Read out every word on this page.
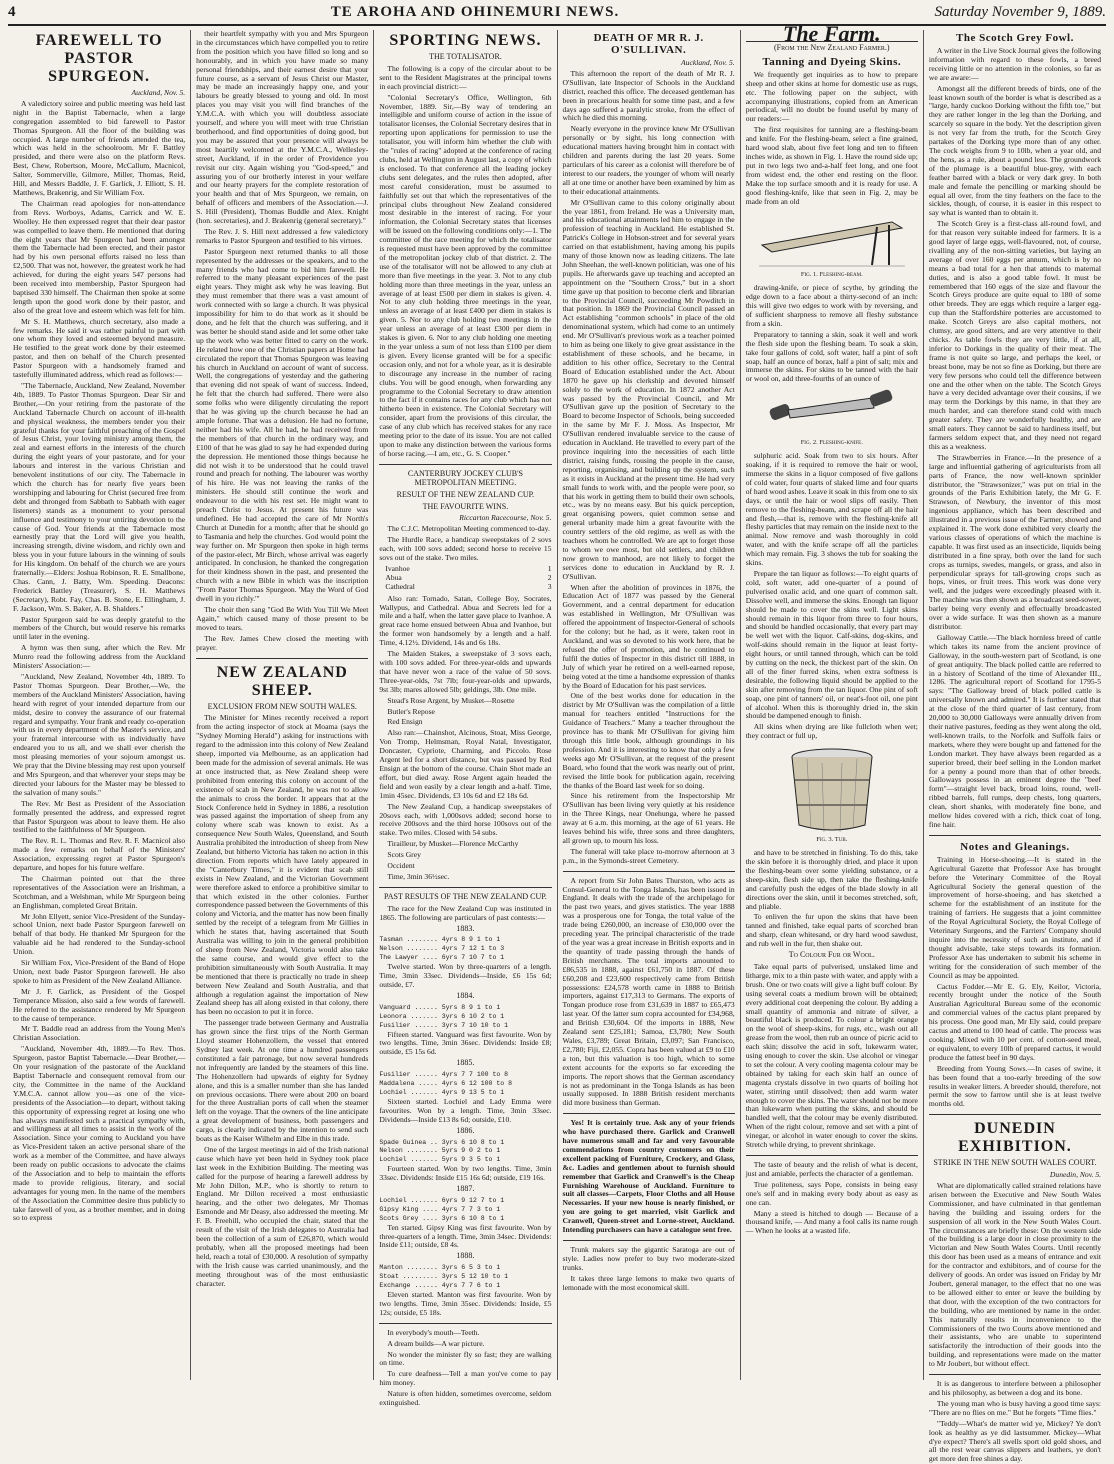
4	TE AROHA AND OHINEMURI NEWS.	Saturday November 9, 1889.
FAREWELL TO PASTOR SPURGEON.
Auckland, Nov. 5.

A valedictory soiree and public meeting was held last night in the Baptist Tabernacle, when a large congregation assembled to bid farewell to Pastor Thomas Spurgeon. All the floor of the building was occupied. A large number of friends attended the tea, which was held in the schoolroom. Mr F. Battley presided, and there were also on the platform Revs. Best, Chew, Robertson, Moore, McCallum, Macnicol, Salter, Sommerville, Gilmore, Miller, Thomas, Reid, Hill, and Messrs Baddle, J. F. Garlick, J. Elliott, S. H. Matthews, Brakenrig, and Sir William Fox.

The Chairman read apologies for non-attendance from Revs. Worboys, Adams, Carrick and W. E. Woolley. He then expressed regret that their dear pastor was compelled to leave them. He mentioned that during the eight years that Mr Spurgeon had been amongst them the Tabernacle had been erected, and their pastor had by his own personal efforts raised no less than £2,500. That was not, however, the greatest work he had achieved, for during the eight years 547 persons had been received into membership, Pastor Spurgeon had baptised 330 himself. The Chairman then spoke at some length upon the good work done by their pastor, and also of the great love and esteem which was felt for him.

Mr S. H. Matthews, church secretary, also made a few remarks. He said it was rather painful to part with one whom they loved and esteemed beyond measure. He testified to the great work done by their esteemed pastor, and then on behalf of the Church presented Pastor Spurgeon with a handsomely framed and tastefully illuminated address, which read as follows:—

"The Tabernacle, Auckland, New Zealand, November 4th, 1889. To Pastor Thomas Spurgeon. Dear Sir and Brother,—On your retiring from the pastorate of the Auckland Tabernacle Church on account of ill-health and physical weakness, the members tender you their grateful thanks for your faithful preaching of the Gospel of Jesus Christ, your loving ministry among them, the zeal and earnest efforts in the interests of the church during the eight years of your pastorate, and for your labours and interest in the various Christian and benevolent institutions of our city. The Tabernacle in which the church has for nearly five years been worshipping and labouring for Christ (secured free from debt and thronged from Sabbath to Sabbath with eager listeners) stands as a monument to your personal influence and testimony to your untiring devotion to the cause of God. Your friends at the Tabernacle most earnestly pray that the Lord will give you health, increasing strength, divine wisdom, and richly own and bless you in your future labours in the winning of souls for His kingdom. On behalf of the church we are yours fraternally.—Elders: Joshua Robinson, R. E. Smallbone, Chas. Cann, J. Batty, Wm. Speeding. Deacons: Frederick Battley (Treasurer), S. H. Matthews (Secretary), Robt. Fay, Chas. B. Stone, E. Ellingham, J. F. Jackson, Wm. S. Baker, A. B. Shalders."

Pastor Spurgeon said he was deeply grateful to the members of the Church, but would reserve his remarks until later in the evening.

A hymn was then sung, after which the Rev. Mr Munro read the following address from the Auckland Ministers' Association:—

"Auckland, New Zealand, November 4th, 1889. To Pastor Thomas Spurgeon. Dear Brother,—We, the members of the Auckland Ministers' Association, having heard with regret of your intended departure from our midst, desire to convey the assurance of our fraternal regard and sympathy. Your frank and ready co-operation with us in every department of the Master's service, and your fraternal intercourse with us individually have endeared you to us all, and we shall ever cherish the most pleasing memories of your sojourn amongst us. We pray that the Divine blessing may rest upon yourself and Mrs Spurgeon, and that wherever your steps may be directed your labours for the Master may be blessed to the salvation of many souls."

The Rev. Mr Best as President of the Association formally presented the address, and expressed regret that Pastor Spurgeon was about to leave them. He also testified to the faithfulness of Mr Spurgeon.

The Rev. R. L. Thomas and Rev. R. F. Macnicol also made a few remarks on behalf of the Ministers' Association, expressing regret at Pastor Spurgeon's departure, and hopes for his future welfare.

The Chairman pointed out that the three representatives of the Association were an Irishman, a Scotchman, and a Welshman, while Mr Spurgeon being an Englishman, completed Great Britain.

Mr John Ellyett, senior Vice-President of the Sunday-school Union, next bade Pastor Spurgeon farewell on behalf of that body. He thanked Mr Spurgeon for the valuable aid he had rendered to the Sunday-school Union.

Sir William Fox, Vice-President of the Band of Hope Union, next bade Pastor Spurgeon farewell. He also spoke to him as President of the New Zealand Alliance.

Mr J. F. Garlick, as President of the Gospel Temperance Mission, also said a few words of farewell. He referred to the assistance rendered by Mr Spurgeon to the cause of temperance.

Mr T. Baddle read an address from the Young Men's Christian Association.

"Auckland, November 4th, 1889.—To Rev. Thos. Spurgeon, pastor Baptist Tabernacle.—Dear Brother,—On your resignation of the pastorate of the Auckland Baptist Tabernacle and consequent removal from our city, the Committee in the name of the Auckland Y.M.C.A. cannot allow you—as one of the vice-presidents of the Association—to depart, without taking this opportunity of expressing regret at losing one who has always manifested such a practical sympathy with, and willingness at all times to assist in the work of the Association. Since your coming to Auckland you have as Vice-President taken an active personal share of the work as a member of the Committee, and have always been ready on public occasions to advocate the claims of the Association and to help to maintain the efforts made to provide religious, literary, and social advantages for young men. In the name of the members of the Association the Committee desire thus publicly to take farewell of you, as a brother member, and in doing so to express

their heartfelt sympathy with you and Mrs Spurgeon in the circumstances which have compelled you to retire from the position which you have filled so long and so honourably, and in which you have made so many personal friendships, and their earnest desire that your future course, as a servant of Jesus Christ our Master, may be made an increasingly happy one, and your labours be greatly blessed to young and old. In most places you may visit you will find branches of the Y.M.C.A. with which you will doubtless associate yourself, and where you will meet with true Christian brotherhood, and find opportunities of doing good, but you may be assured that your presence will always be most heartily welcomed at the Y.M.C.A., Wellesley-street, Auckland, if in the order of Providence you revisit our city. Again wishing you "God-speed," and assuring you of our brotherly interest in your welfare and our hearty prayers for the complete restoration of your health and that of Mrs Spurgeon, we remain, on behalf of officers and members of the Association.—J. S. Hill (President), Thomas Buddle and Alex. Knight (hon. secretaries), and J. Brakenrig (general secretary)."

The Rev. J. S. Hill next addressed a few valedictory remarks to Pastor Spurgeon and testified to his virtues.

Pastor Spurgeon next returned thanks to all those represented by the addresses or the speakers, and to the many friends who had come to bid him farewell. He referred to the many pleasant experiences of the past eight years. They might ask why he was leaving. But they must remember that there was a vast amount of work connected with so large a church. It was physical impossibility for him to do that work as it should be done, and he felt that the church was suffering, and it was better he should stand aside and let some other take up the work who was better fitted to carry on the work. He related how one of the Christian papers at Home had circulated the report that Thomas Spurgeon was leaving his church in Auckland on account of want of success. Well, the congregations of yesterday and the gathering that evening did not speak of want of success. Indeed, he felt that the church had suffered. There were also some folks who were diligently circulating the report that he was giving up the church because he had an ample fortune. That was a delusion. He had no fortune, neither had his wife. All he had, he had received from the members of that church in the ordinary way, and £100 of that he was glad to say he had expended during the depression. He mentioned those things because he did not wish it to be understood that he could travel round and preach for nothing. The labourer was worthy of his hire. He was not leaving the ranks of the ministers. He should still continue the work and endeavour to die with his rest set. He might want to preach Christ to Jesus. At present his future was undefined. He had accepted the care of Mr North's Church at Dunedin for a month; after that he should go to Tasmania and help the churches. God would point the way further on. Mr Spurgeon then spoke in high terms of the pastor-elect, Mr Birch, whose arrival was eagerly anticipated. In conclusion, he thanked the congregation for their kindness shown in the past, and presented the church with a new Bible in which was the inscription "From Pastor Thomas Spurgeon. 'May the Word of God dwell in you richly.'"

The choir then sang "God Be With You Till We Meet Again," which caused many of those present to be moved to tears.

The Rev. James Chew closed the meeting with prayer.

NEW ZEALAND SHEEP.
EXCLUSION FROM NEW SOUTH WALES.

The Minister for Mines recently received a report from the acting inspector of stock at Moama (says the "Sydney Morning Herald") asking for instructions with regard to the admission into this colony of New Zealand sheep, imported via Melbourne, as an application had been made for the admission of several animals. He was at once instructed that, as New Zealand sheep were prohibited from entering this colony on account of the existence of scab in New Zealand, he was not to allow the animals to cross the border. It appears that at the Stock Conference held in Sydney in 1886, a resolution was passed against the importation of sheep from any colony where scab was known to exist. As a consequence New South Wales, Queensland, and South Australia prohibited the introduction of sheep from New Zealand, but hitherto Victoria has taken no action in this direction. From reports which have lately appeared in the "Canterbury Times," it is evident that scab still exists in New Zealand, and the Victorian Government were therefore asked to enforce a prohibitive similar to that which existed in the other colonies. Further correspondence passed between the Governments of this colony and Victoria, and the matter has now been finally settled by the receipt of a telegram from Mr Gillies in which he states that, having ascertained that South Australia was willing to join in the general prohibition of sheep from New Zealand, Victoria would also take the same course, and would give effect to the prohibition simultaneously with South Australia. It may be mentioned that there is practically no trade in sheep between New Zealand and South Australia, and that although a regulation against the importation of New Zealand sheep has all along existed in that colony, there has been no occasion to put it in force.

The passenger trade between Germany and Australia has grown since the first trips of the North German Lloyd steamer Hohenzollern, the vessel that entered Sydney last week. At one time a hundred passengers constituted a fair patronage, but now several hundreds not infrequently are landed by the steamers of this line. The Hohenzollern had upwards of eighty for Sydney alone, and this is a smaller number than she has landed on previous occasions. There were about 200 on board for the three Australian ports of call when the steamer left on the voyage. That the owners of the line anticipate a great development of business, both passengers and cargo, is clearly indicated by the intention to send such boats as the Kaiser Wilhelm and Elbe in this trade.

One of the largest meetings in aid of the Irish national cause which have yet been held in Sydney took place last week in the Exhibition Building. The meeting was called for the purpose of hearing a farewell address by Mr John Dillon, M.P., who is shortly to return to England. Mr Dillon received a most enthusiastic hearing, and the other two delegates, Mr Thomas Esmonde and Mr Deasy, also addressed the meeting. Mr F. B. Freehill, who occupied the chair, stated that the result of the visit of the Irish delegates to Australia had been the collection of a sum of £26,870, which would probably, when all the proposed meetings had been held, reach a total of £30,000. A resolution of sympathy with the Irish cause was carried unanimously, and the meeting throughout was of the most enthusiastic character.

SPORTING NEWS.
THE TOTALISATOR.

The following is a copy of the circular about to be sent to the Resident Magistrates at the principal towns in each provincial district:—

"Colonial Secretary's Office, Wellington, 6th November, 1889. Sir,—By way of tendering an intelligible and uniform course of action in the issue of totalisator licenses, the Colonial Secretary desires that in reporting upon applications for permission to use the totalisator, you will inform him whether the club with the "rules of racing" adopted at the conference of racing clubs, held at Wellington in August last, a copy of which is enclosed. To that conference all the leading jockey clubs sent delegates, and the rules then adopted, after most careful consideration, must be assumed to faithfully set out that which the representatives of the principal clubs throughout New Zealand considered most desirable in the interest of racing. For your information, the Colonial Secretary states that licenses will be issued on the following conditions only:—1. The committee of the race meeting for which the totalisator is requested must have been approved by the committee of the metropolitan jockey club of that district. 2. The use of the totalisator will not be allowed to any club at more than five meetings in the year. 3. Not to any club holding more than three meetings in the year, unless an average of at least £500 per diem in stakes is given. 4. Not to any club holding three meetings in the year, unless an average of at least £400 per diem in stakes is given. 5. Nor to any club holding two meetings in the year unless an average of at least £300 per diem in stakes is given. 6. Nor to any club holding one meeting in the year unless a sum of not less than £100 per diem is given. Every license granted will be for a specific occasion only, and not for a whole year, as it is desirable to discourage any increase in the number of racing clubs. You will be good enough, when forwarding any programme to the Colonial Secretary to draw attention to the fact if it contains races for any club which has not hitherto been in existence. The Colonial Secretary will consider, apart from the provisions of this circular, the case of any club which has received stakes for any race meeting prior to the date of its issue. You are not called upon to make any distinction between the various forms of horse racing.—I am, etc., G. S. Cooper."

CANTERBURY JOCKEY CLUB'S METROPOLITAN MEETING.
RESULT OF THE NEW ZEALAND CUP.
THE FAVOURITE WINS.
Riccarton Racecourse, Nov. 5.

The C.J.C. Metropolitan Meeting commenced to-day.

The Hurdle Race, a handicap sweepstakes of 2 sovs each, with 100 sovs added; second horse to receive 15 sovs out of the stake. Two miles.

Ivanhoe	1
Abua	2
Cathedral	3

Also ran: Tornado, Satan, College Boy, Socrates, Wallypus, and Cathedral. Abua and Secrets led for a mile and a half, when the latter gave place to Ivanhoe. A great race home ensued between Abua and Ivanhoe, but the former won handsomely by a length and a half. Time, 4.12½. Dividend, 14s and 6s 18s.

The Maiden Stakes, a sweepstake of 3 sovs each, with 100 sovs added. For three-year-olds and upwards that have never won a race of the value of 50 sovs. Three-year-olds, 7st 7lb; four-year-olds and upwards, 9st 3lb; mares allowed 5lb; geldings, 3lb. One mile.

Stead's Rose Argent, by Musket—Rosette

Butler's Repose

Red Ensign

Also ran:—Chainshot, Alcinous, Stoat, Miss George, Von Tromp, Helmsman, Royal Natal, Investigator, Doncaster, Cypriote, Charming, and Piccolo. Rose Argent led for a short distance, but was passed by Red Ensign at the bottom of the course. Chain Shot made an effort, but died away. Rose Argent again headed the field and won easily by a clear length and a-half. Time, 1min 45sec. Dividends, £3 10s 6d and £2 18s 6d.

The New Zealand Cup, a handicap sweepstakes of 20sovs each, with 1,000sovs added; second horse to receive 200sovs and the third horse 100sovs out of the stake. Two miles. Closed with 54 subs.

Tirailleur, by Musket—Florence McCarthy

Scots Grey

Occident

Time, 3min 36½sec.

PAST RESULTS OF THE NEW ZEALAND CUP.

The race for the New Zealand Cup was instituted in 1865. The following are particulars of past contests:—

1883.
Tasman ........ 4yrs 8 9 1 to 1
Nelson ........ 4yrs 7 12 1 to 3
The Lawyer .... 6yrs 7 10 7 to 1

Twelve started. Won by three-quarters of a length. Time, 3min 33sec. Dividends—Inside, £6 15s 6d; outside, £7.

1884.
Vanguard ...... 5yrs 8 9 1 to 1
Leonora ....... 3yrs 6 10 2 to 1
Fusilier ...... 3yrs 7 10 10 to 1

Fifteen started. Vanguard was first favourite. Won by two lengths. Time, 3min 36sec. Dividends: Inside £8; outside, £5 15s 6d.

1885.
Fusilier ...... 4yrs 7 7 100 to 8
Maddalena ..... 4yrs 6 12 100 to 8
Lochiel ....... 4yrs 9 13 5 to 1

Sixteen started. Lochiel and Lady Emma were favourites. Won by a length. Time, 3min 33sec. Dividends—Inside £13 8s 6d; outside, £10.

1886.
Spade Guinea .. 3yrs 6 10 8 to 1
Nelson ........ 5yrs 9 0 2 to 1
Lochiel ....... 5yrs 9 3 5 to 1

Fourteen started. Won by two lengths. Time, 3min 33sec. Dividends: Inside £15 16s 6d; outside, £19 16s.

1887.
Lochiel ....... 6yrs 9 12 7 to 1
Gipsy King .... 4yrs 7 7 3 to 1
Scots Grey .... 3yrs 6 10 8 to 1

Ten started. Gipsy King was first favourite. Won by three-quarters of a length. Time, 3min 34sec. Dividends: Inside £11; outside, £8 4s.

1888.
Manton ........ 3yrs 6 5 3 to 1
Stoat ......... 3yrs 5 12 10 to 1
Exchange ...... 4yrs 7 7 6 to 1

Eleven started. Manton was first favourite. Won by two lengths. Time, 3min 35sec. Dividends: Inside, £5 12s; outside, £5 18s.

In everybody's mouth—Teeth.

A dream builds—A war picture.

No wonder the minister fly so fast; they are walking on time.

To cure deafness—Tell a man you've come to pay him money.

Nature is often hidden, sometimes overcome, seldom extinguished.

DEATH OF MR R. J. O'SULLIVAN.
Auckland, Nov. 5.

This afternoon the report of the death of Mr R. J. O'Sullivan, late Inspector of Schools in the Auckland district, reached this office. The deceased gentleman has been in precarious health for some time past, and a few days ago suffered a paralytic stroke, from the effect of which he died this morning.

Nearly everyone in the province knew Mr O'Sullivan personally or by sight, his long connection with educational matters having brought him in contact with children and parents during the last 20 years. Some particulars of his career as a colonist will therefore be of interest to our readers, the younger of whom will nearly all at one time or another have been examined by him as to their educational attainments.

Mr O'Sullivan came to this colony originally about the year 1861, from Ireland. He was a University man, and his educational attainments led him to engage in the profession of teaching in Auckland. He established St. Patrick's College in Hobson-street and for several years carried on that establishment, having among his pupils many of those known now as leading citizens. The late John Sheehan, the well-known politician, was one of his pupils. He afterwards gave up teaching and accepted an appointment on the "Southern Cross," but in a short time gave up that position to become clerk and librarian to the Provincial Council, succeeding Mr Powditch in that position. In 1869 the Provincial Council passed an Act establishing "common schools" in place of the old denominational system, which had come to an untimely end. Mr O'Sullivan's previous work as a teacher pointed to him as being one likely to give great assistance in the establishment of these schools, and he became, in addition to his other office, Secretary to the Central Board of Education established under the Act. About 1870 he gave up his clerkship and devoted himself solely to the work of education. In 1872 another Act was passed by the Provincial Council, and Mr O'Sullivan gave up the position of Secretary to the Board to become Inspector of Schools, being succeeded in the same by Mr F. J. Moss. As Inspector, Mr O'Sullivan rendered invaluable service to the cause of education in Auckland. He travelled to every part of the province inquiring into the necessities of each little district, raising funds, rousing the people in the cause, reporting, organising, and building up the system, such as it exists in Auckland at the present time. He had very small funds to work with, and the people were poor, so that his work in getting them to build their own schools, etc., was by no means easy. But his quick perception, great organising powers, quiet common sense and general urbanity made him a great favourite with the country settlers of the old regime, as well as with the teachers whom he controlled. We are apt to forget those to whom we owe most, but old settlers, and children now grown to manhood, are not likely to forget the services done to education in Auckland by R. J. O'Sullivan.

When after the abolition of provinces in 1876, the Education Act of 1877 was passed by the General Government, and a central department for education was established in Wellington, Mr O'Sullivan was offered the appointment of Inspector-General of schools for the colony; but he had, as it were, taken root in Auckland, and was so devoted to his work here, that he refused the offer of promotion, and he continued to fulfil the duties of Inspector in this district till 1888, in July of which year he retired on a well-earned repose, being voted at the time a handsome expression of thanks by the Board of Education for his past services.

One of the best works done for education in the district by Mr O'Sullivan was the compilation of a little manual for teachers entitled "Instructions for the Guidance of Teachers." Many a teacher throughout the province has to thank Mr O'Sullivan for giving him through this little book, although groundings in his profession. And it is interesting to know that only a few weeks ago Mr O'Sullivan, at the request of the present Board, who found that the work was nearly out of print, revised the little book for publication again, receiving the thanks of the Board last week for so doing.

Since his retirement from the Inspectorship Mr O'Sullivan has been living very quietly at his residence in the Three Kings, near Onehunga, where he passed away at 6 a.m. this morning, at the age of 61 years. He leaves behind his wife, three sons and three daughters, all grown up, to mourn his loss.

The funeral will take place to-morrow afternoon at 3 p.m., in the Symonds-street Cemetery.

A report from Sir John Bates Thurston, who acts as Consul-General to the Tonga Islands, has been issued in England. It deals with the trade of the archipelago for the past two years, and gives statistics. The year 1888 was a prosperous one for Tonga, the total value of the trade being £260,000, an increase of £30,000 over the preceding year. The principal characteristic of the trade of the year was a great increase in British exports and in the quantity of trade passing through the hands of British merchants. The total imports amounted to £86,535 in 1888, against £61,750 in 1887. Of these £60,208 and £23,600 respectively came from British possessions: £24,578 worth came in 1888 to British importers, against £17,313 to Germans. The exports of Tongan produce rose from £31,639 in 1887 to £65,473 last year. Of the latter sum copra accounted for £34,968, and British £30,604. Of the imports in 1888, New Zealand sent £25,181; Samoa, £3,780; New South Wales, £3,789; Great Britain, £3,097; San Francisco, £2,780; Fiji, £2,055. Copra has been valued at £9 to £10 a ton, but this valuation is too high, which to some extent accounts for the exports so far exceeding the imports. The report shows that the German ascendancy is not as predominant in the Tonga Islands as has been usually supposed. In 1888 British resident merchants did more business than German.

Yes! It is certainly true. Ask any of your friends who have purchased there. Garlick and Cranwell have numerous small and far and very favourable commendations from country customers on their excellent packing of Furniture, Crockery, and Glass, &c. Ladies and gentlemen about to furnish should remember that Garlick and Cranwell's is the Cheap Furnishing Warehouse of Auckland. Furniture to suit all classes—Carpets, Floor Cloths and all House Necessaries. If your new house is nearly finished, or you are going to get married, visit Garlick and Cranwell, Queen-street and Lorne-street, Auckland. Intending purchasers can have a catalogue sent free.

Trunk makers say the gigantic Saratoga are out of style. Ladies now prefer to buy two moderate-sized trunks.

It takes three large lemons to make two quarts of lemonade with the most economical skill.

The Farm.
(From the New Zealand Farmer.)
Tanning and Dyeing Skins.

We frequently get inquiries as to how to prepare sheep and other skins at home for domestic use as rugs, etc. The following paper on the subject, with accompanying illustrations, copied from an American periodical, will no doubt be found useful by many of our readers:—

The first requisites for tanning are a fleshing-beam and knife. For the fleshing-beam, select a fine grained, hard wood slab, about five feet long and ten to fifteen inches wide, as shown in Fig. 1. Have the round side up; put in two legs two and-a-half feet long, and one foot from widest end, the other end resting on the floor. Make the top surface smooth and it is ready for use. A good fleshing-knife, like that seen in Fig. 2, may be made from an old

Fig. 1. Fleshing-beam.

drawing-knife, or piece of scythe, by grinding the edge down to a face about a thirty-second of an inch: this will give two edges to work with by reversing, and of sufficient sharpness to remove all fleshy substance from a skin.

Preparatory to tanning a skin, soak it well and work the flesh side upon the fleshing beam. To soak a skin, take four gallons of cold, soft water, half a pint of soft soap, half an ounce of borax, half a pint of salt; mix and immerse the skins. For skins to be tanned with the hair or wool on, add three-fourths of an ounce of

Fig. 2. Fleshing-knife.

sulphuric acid. Soak from two to six hours. After soaking, if it is required to remove the hair or wool, immerse the skins in a liquor composed of five gallons of cold water, four quarts of slaked lime and four quarts of hard wood ashes. Leave it soak in this from one to six days, or until the hair or wool slips off easily. Then remove to the fleshing-beam, and scrape off all the hair and flesh,—that is, remove with the fleshing-knife all fleshy particles that may remain on the inside next to the animal. Now remove and wash thoroughly in cold water, and with the knife scrape off all the particles which may remain. Fig. 3 shows the tub for soaking the skins.

Prepare the tan liquor as follows:—To eight quarts of cold, soft water, add one-quarter of a pound of pulverised oxalic acid, and one quart of common salt. Dissolve well, and immerse the skins. Enough tan liquor should be made to cover the skins well. Light skins should remain in this liquor from three to four hours, and should be handled occasionally, that every part may be well wet with the liquor. Calf-skins, dog-skins, and wolf-skins should remain in the liquor at least forty-eight hours, or until tanned through, which can be told by cutting on the neck, the thickest part of the skin. On all of the finer furred skins, when extra softness is desirable, the following liquid should be applied to the skin after removing from the tan liquor. One pint of soft soap, one pint of tanners' oil, or neat's-foot oil, one pint of alcohol. When this is thoroughly dried in, the skin should be dampened enough to finish.

All skins when drying are like fullcloth when wet; they contract or full up,

Fig. 3. Tub.

and have to be stretched in finishing. To do this, take the skin before it is thoroughly dried, and place it upon the fleshing-beam over some yielding substance, or a sheep-skin, flesh side up, then take the fleshing-knife and carefully push the edges of the blade slowly in all directions over the skin, until it becomes stretched, soft, and pliable.

To enliven the fur upon the skins that have been tanned and finished, take equal parts of scorched bran and sharp, clean whitesand, or dry hard wood sawdust, and rub well in the fur, then shake out.

To Colour Fur or Wool.

Take equal parts of pulverised, unslaked lime and litharge, mix to a thin paste with water, and apply with a brush. One or two coats will give a light buff colour. By using several coats a medium brown will be obtained; every additional coat deepening the colour. By adding a small quantity of ammonia and nitrate of silver, a beautiful black is produced. To colour a bright orange on the wool of sheep-skins, for rugs, etc., wash out all grease from the wool, then rub an ounce of picric acid to each skin; dissolve the acid in soft, lukewarm water, using enough to cover the skin. Use alcohol or vinegar to set the colour. A very cooling magenta colour may be obtained by taking for each skin half an ounce of magenta crystals dissolve in two quarts of boiling hot water, stirring until dissolved; then add warm water enough to cover the skins. The water should not be more than lukewarm when putting the skins, and should be handled well, that the colour may be evenly distributed. When of the right colour, remove and set with a pint of vinegar, or alcohol in water enough to cover the skins. Stretch while drying, to prevent shrinkage.

The taste of beauty and the relish of what is decent, just and amiable, perfects the character of a gentleman.

True politeness, says Pope, consists in being easy one's self and in making every body about as easy as one can.

Many a steed is hitched to dough — Because of a thousand knife, — And many a fool calls its name rough — When he looks at a wasted life.

The Scotch Grey Fowl.

A writer in the Live Stock Journal gives the following information with regard to these fowls, a breed receiving little or no attention in the colonies, so far as we are aware:—

Amongst all the different breeds of birds, one of the least known south of the border is what is described as a "large, hardy cuckoo Dorking without the fifth toe," but they are rather longer in the leg than the Dorking, and scarcely so square in the body. Yet the description given is not very far from the truth, for the Scotch Grey partakes of the Dorking type more than of any other. The cock weighs from 9 to 10lb, when a year old, and the hens, as a rule, about a pound less. The groundwork of the plumage is a beautiful blue-grey, with each feather barred with a black or very dark grey. In both male and female the pencilling or marking should be equal all over, from the tiny feathers on the face to the sickles, though, of course, it is easier in this respect to say what is wanted than to obtain it.

The Scotch Grey is a first-class all-round fowl, and for that reason very suitable indeed for farmers. It is a good layer of large eggs, well-flavoured, not, of course, rivalling any of the non-sitting varieties, but laying an average of over 160 eggs per annum, which is by no means a bad total for a hen that attends to maternal duties, and is also a good table fowl. It must be remembered that 160 eggs of the size and flavour the Scotch Greys produce are quite equal to 180 of some other breeds. They are eggs which require a larger egg-cup than the Staffordshire potteries are accustomed to make. Scotch Greys are also capital mothers, not clumsy, are good sitters, and are very attentive to their chicks. As table fowls they are very little, if at all, inferior to Dorkings in the quality of their meat. The frame is not quite so large, and perhaps the keel, or breast bone, may be not so fine as Dorking, but there are very few persons who could tell the difference between one and the other when on the table. The Scotch Greys have a very decided advantage over their cousins, if we may term the Dorkings by this name, in that they are much harder, and can therefore stand cold with much greater safety. They are wonderfully healthy, and are small eaters. They cannot be said to hardiness itself, but farmers seldom expect that, and they need not regard this as a weakness.

The Strawberries in France.—In the presence of a large and influential gathering of agriculturists from all parts of France, the now well-known sprinkler distributor, the "Strawsonizer," was put on trial in the grounds of the Paris Exhibition lately, the Mr G. F. Strawson, of Newbury, the inventor of this most ingenious appliance, which has been described and illustrated in a previous issue of the Farmer, showed and explained it. The work done exhibited very clearly the various classes of operations of which the machine is capable. It was first used as an insecticide, liquids being distributed in a fine spray, both over the land for such crops as turnips, swedes, mangels, or grass, and also in perpendicular sprays for tall-growing crops such as hops, vines, or fruit trees. This work was done very well, and the judges were exceedingly pleased with it. The machine was then shown as a broadcast seed-sower, barley being very evenly and effectually broadcasted over a wide surface. It was then shown as a manure distributor.

Galloway Cattle.—The black hornless breed of cattle which takes its name from the ancient province of Galloway, in the south-western part of Scotland, is one of great antiquity. The black polled cattle are referred to in a history of Scotland of the time of Alexander III., 1286. The agricultural report of Scotland for 1795-5 says: "The Galloway breed of black polled cattle is universally known and admired." It is further stated that at the close of the third quarter of last century, from 20,000 to 30,000 Galloways were annually driven from their native pastures, feeding as they went along the old, well-known trails, to the Norfolk and Suffolk fairs or markets, where they were bought up and fattened for the London market. They have always been regarded as a superior breed, their beef selling in the London market for a penny a pound more than that of other breeds. Galloways possess in an eminent degree the "beef form"—straight level back, broad loins, round, well-ribbed barrels, full rumps, deep chests, long quarters, clean, short shanks, with moderately fine bone, and mellow hides covered with a rich, thick coat of long, fine hair.

Notes and Gleanings.

Training in Horse-shoeing.—It is stated in the Agricultural Gazette that Professor Axe has brought before the Veterinary Committee of the Royal Agricultural Society the general question of the improvement of horse-shoeing, and has sketched a scheme for the establishment of an institute for the training of farriers. He suggests that a joint committee of the Royal Agricultural Society, the Royal College of Veterinary Surgeons, and the Farriers' Company should inquire into the necessity of such an institute, and if thought advisable, take steps towards its formation. Professor Axe has undertaken to submit his scheme in writing for the consideration of such member of the Council as may be appointed.

Cactus Fodder.—Mr E. G. Ely, Keilor, Victoria, recently brought under the notice of the South Australian Agricultural Bureau some of the economic and commercial values of the cactus plant prepared by his process. One good man, Mr Ely said, could prepare cactus and attend to 100 head of cattle. The process was cooking. Mixed with 10 per cent. of cotton-seed meal, or equivalent, to every 10lb of prepared cactus, it would produce the fattest beef in 90 days.

Breeding from Young Sows.—In cases of swine, it has been found that a too-early breeding of the sow results in weaker litters. A breeder should, therefore, not permit the sow to farrow until she is at least twelve months old.

DUNEDIN EXHIBITION.
STRIKE IN THE NEW SOUTH WALES COURT.
Dunedin, Nov. 5.

What are diplomatically called strained relations have arisen between the Executive and New South Wales Commissioner, and have culminated in that gentleman having the building and issuing orders for the suspension of all work in the New South Wales Court. The circumstances are briefly these: On the western side of the building is a large door in close proximity to the Victorian and New South Wales Courts. Until recently this door has been used as a means of entrance and exit for the contractor and exhibitors, and of course for the delivery of goods. An order was issued on Friday by Mr Joubert, general manager, to the effect that no one was to be allowed either to enter or leave the building by that door, with the exception of the two contractors for the building, who are mentioned by name in the order. This naturally results in inconvenience to the Commissioners of the two Courts above mentioned and their assistants, who are unable to superintend satisfactorily the introduction of their goods into the building, and representations were made on the matter to Mr Joubert, but without effect.

It is as dangerous to interfere between a philosopher and his philosophy, as between a dog and its bone.

The young man who is busy having a good time says: "There are no flies on me." But he forgets "Time flies."

"Teddy—What's de matter wid ye, Mickey? Ye don't look as healthy as ye did lastsummer. Mickey—What d'ye expect? There's all swells sport old gold shoes, and all the rest wear canvas slippers and leathers, ye don't get more den free shines a day.
